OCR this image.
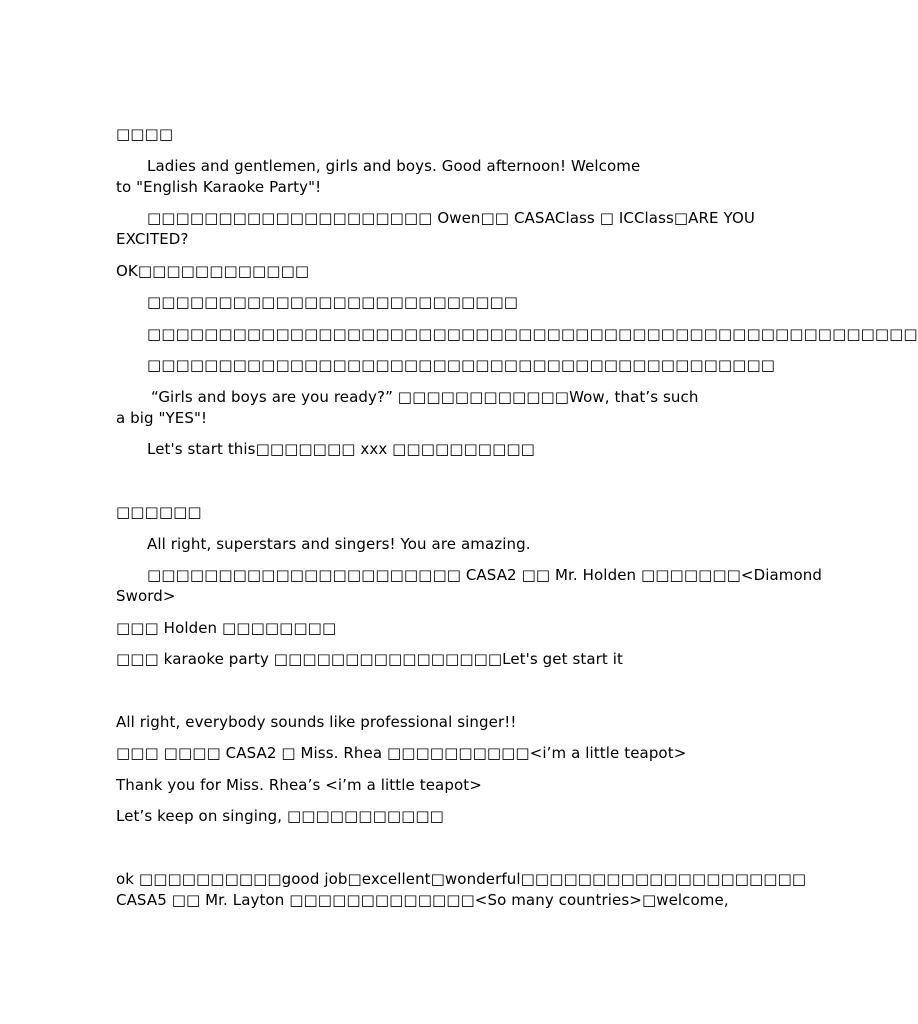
□□□□
Ladies and gentlemen, girls and boys. Good afternoon! Welcome
to "English Karaoke Party"!
□□□□□□□□□□□□□□□□□□□□ Owen□□ CASAClass □ ICClass□ARE YOU
EXCITED?
OK□□□□□□□□□□□□
□□□□□□□□□□□□□□□□□□□□□□□□□□
□□□□□□□□□□□□□□□□□□□□□□□□□□□□□□□□□□□□□□□□□□□□□□□□□□□□□□
□□□□□□□□□□□□□□□□□□□□□□□□□□□□□□□□□□□□□□□□□□□□
“Girls and boys are you ready?” □□□□□□□□□□□□Wow, that’s such
a big "YES"!
Let's start this□□□□□□□ xxx □□□□□□□□□□
□□□□□□
All right, superstars and singers! You are amazing.
□□□□□□□□□□□□□□□□□□□□□□ CASA2 □□ Mr. Holden □□□□□□□<Diamond
Sword>
□□□ Holden □□□□□□□□
□□□ karaoke party □□□□□□□□□□□□□□□□Let's get start it
All right, everybody sounds like professional singer!!
□□□ □□□□ CASA2 □ Miss. Rhea □□□□□□□□□□<i’m a little teapot>
Thank you for Miss. Rhea’s <i’m a little teapot>
Let’s keep on singing, □□□□□□□□□□□
ok □□□□□□□□□□good job□excellent□wonderful□□□□□□□□□□□□□□□□□□□□
CASA5 □□ Mr. Layton □□□□□□□□□□□□□<So many countries>□welcome,
